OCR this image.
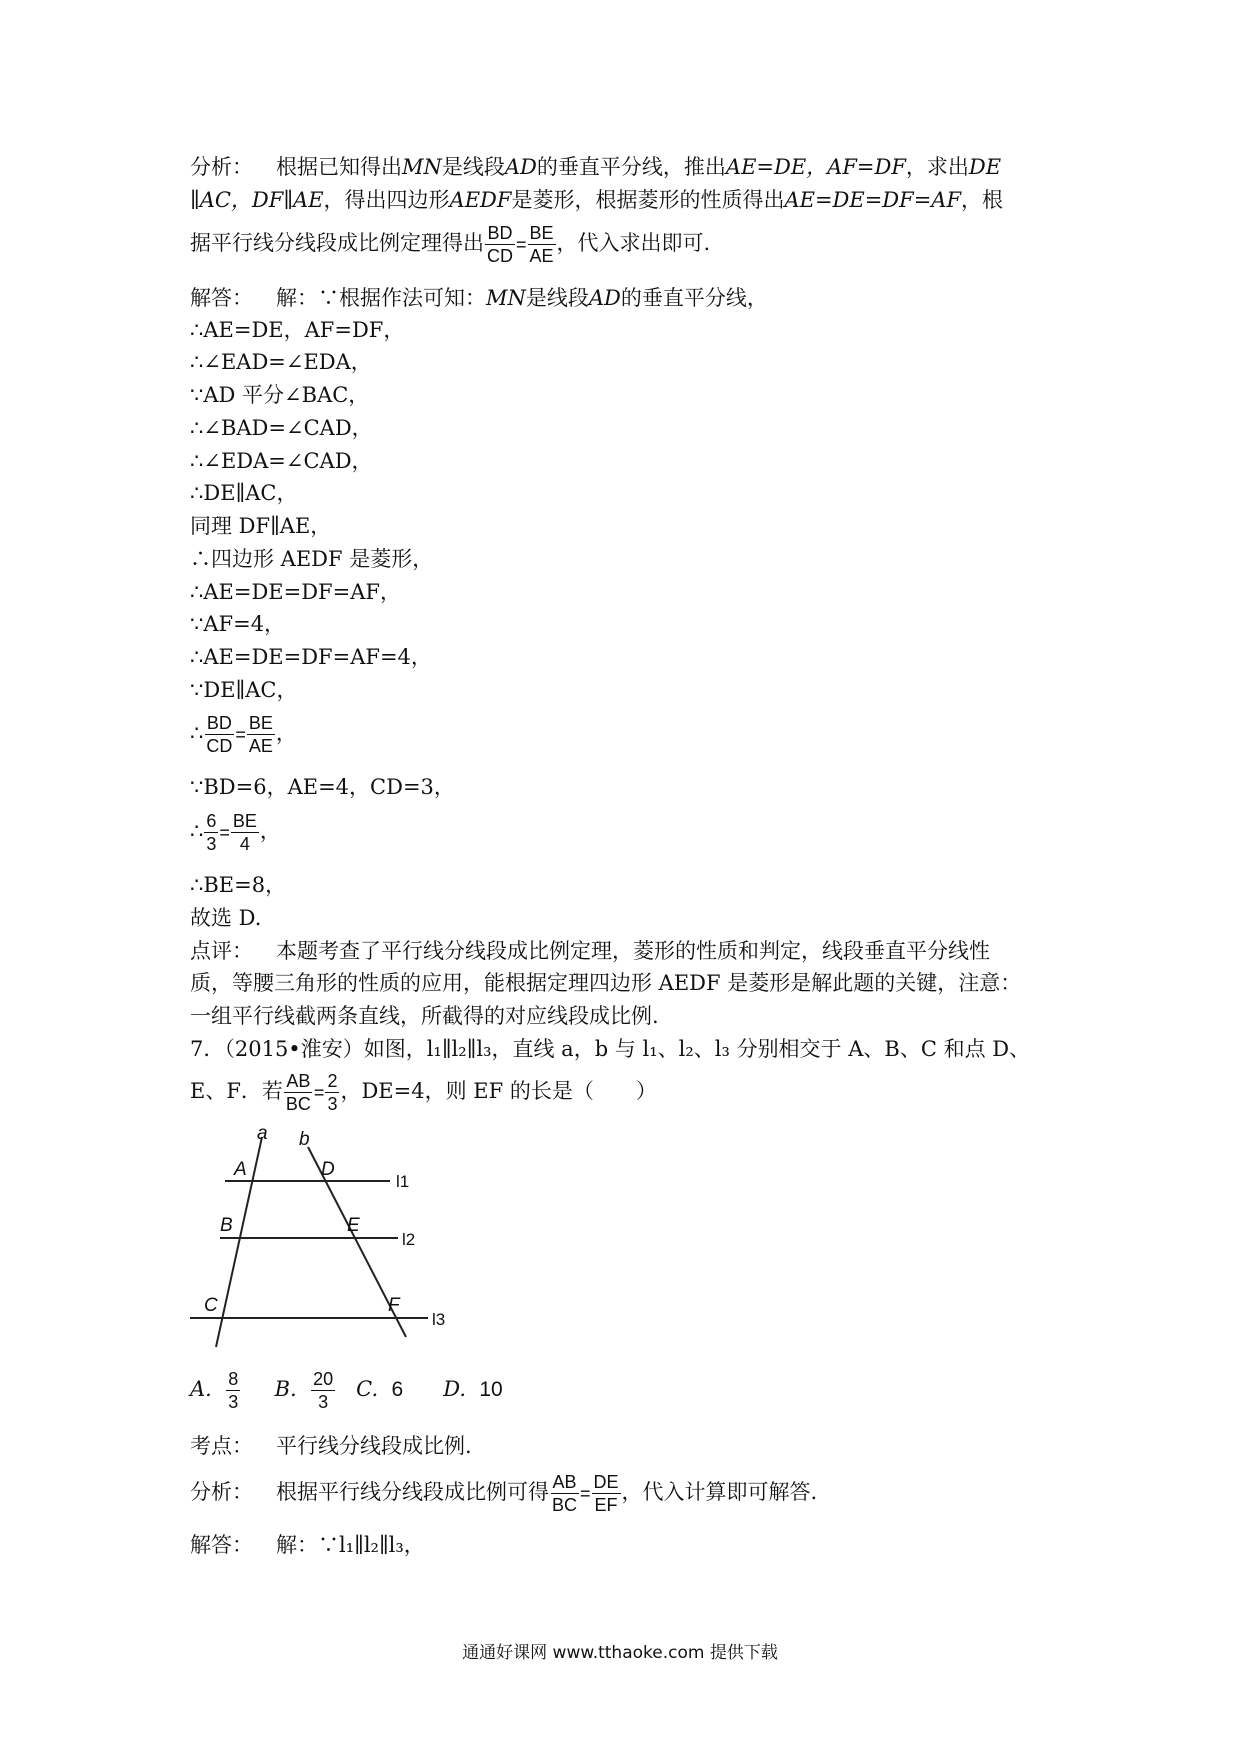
分析： 根据已知得出MN是线段AD的垂直平分线，推出AE=DE，AF=DF，求出DE
∥AC，DF∥AE，得出四边形AEDF是菱形，根据菱形的性质得出AE=DE=DF=AF，根
据平行线分线段成比例定理得出 $\frac{BD}{CD} = \frac{BE}{AE}$ ，代入求出即可.
解答： 解：∵根据作法可知：MN是线段AD的垂直平分线，
∴AE=DE，AF=DF，
∴∠EAD=∠EDA，
∵AD 平分∠BAC，
∴∠BAD=∠CAD，
∴∠EDA=∠CAD，
∴DE∥AC，
同理 DF∥AE，
∴四边形 AEDF 是菱形，
∴AE=DE=DF=AF，
∵AF=4，
∴AE=DE=DF=AF=4，
∵DE∥AC，
∴ $\frac{BD}{CD} = \frac{BE}{AE}$ ，
∵BD=6，AE=4，CD=3，
∴ $\frac{6}{3} = \frac{BE}{4}$ ，
∴BE=8，
故选 D.
点评： 本题考查了平行线分线段成比例定理，菱形的性质和判定，线段垂直平分线性
质，等腰三角形的性质的应用，能根据定理四边形 AEDF 是菱形是解此题的关键，注意：
一组平行线截两条直线，所截得的对应线段成比例.
7．（2015•淮安）如图，l₁∥l₂∥l₃，直线 a，b 与 l₁、l₂、l₃ 分别相交于 A、B、C 和点 D、
E、F．若 $\frac{AB}{BC} = \frac{2}{3}$ ，DE=4，则 EF 的长是（　　）
a b
A	D
B	E
C	F
l1
l2
l3
A. $\frac{8}{3} B$. $\frac{20}{3} C$. 6 D. 10
考点： 平行线分线段成比例.
分析： 根据平行线分线段成比例可得 $\frac{AB}{BC} = \frac{DE}{EF}$ ，代入计算即可解答.
解答： 解：∵l₁∥l₂∥l₃，
通通好课网 www.tthaoke.com 提供下载
